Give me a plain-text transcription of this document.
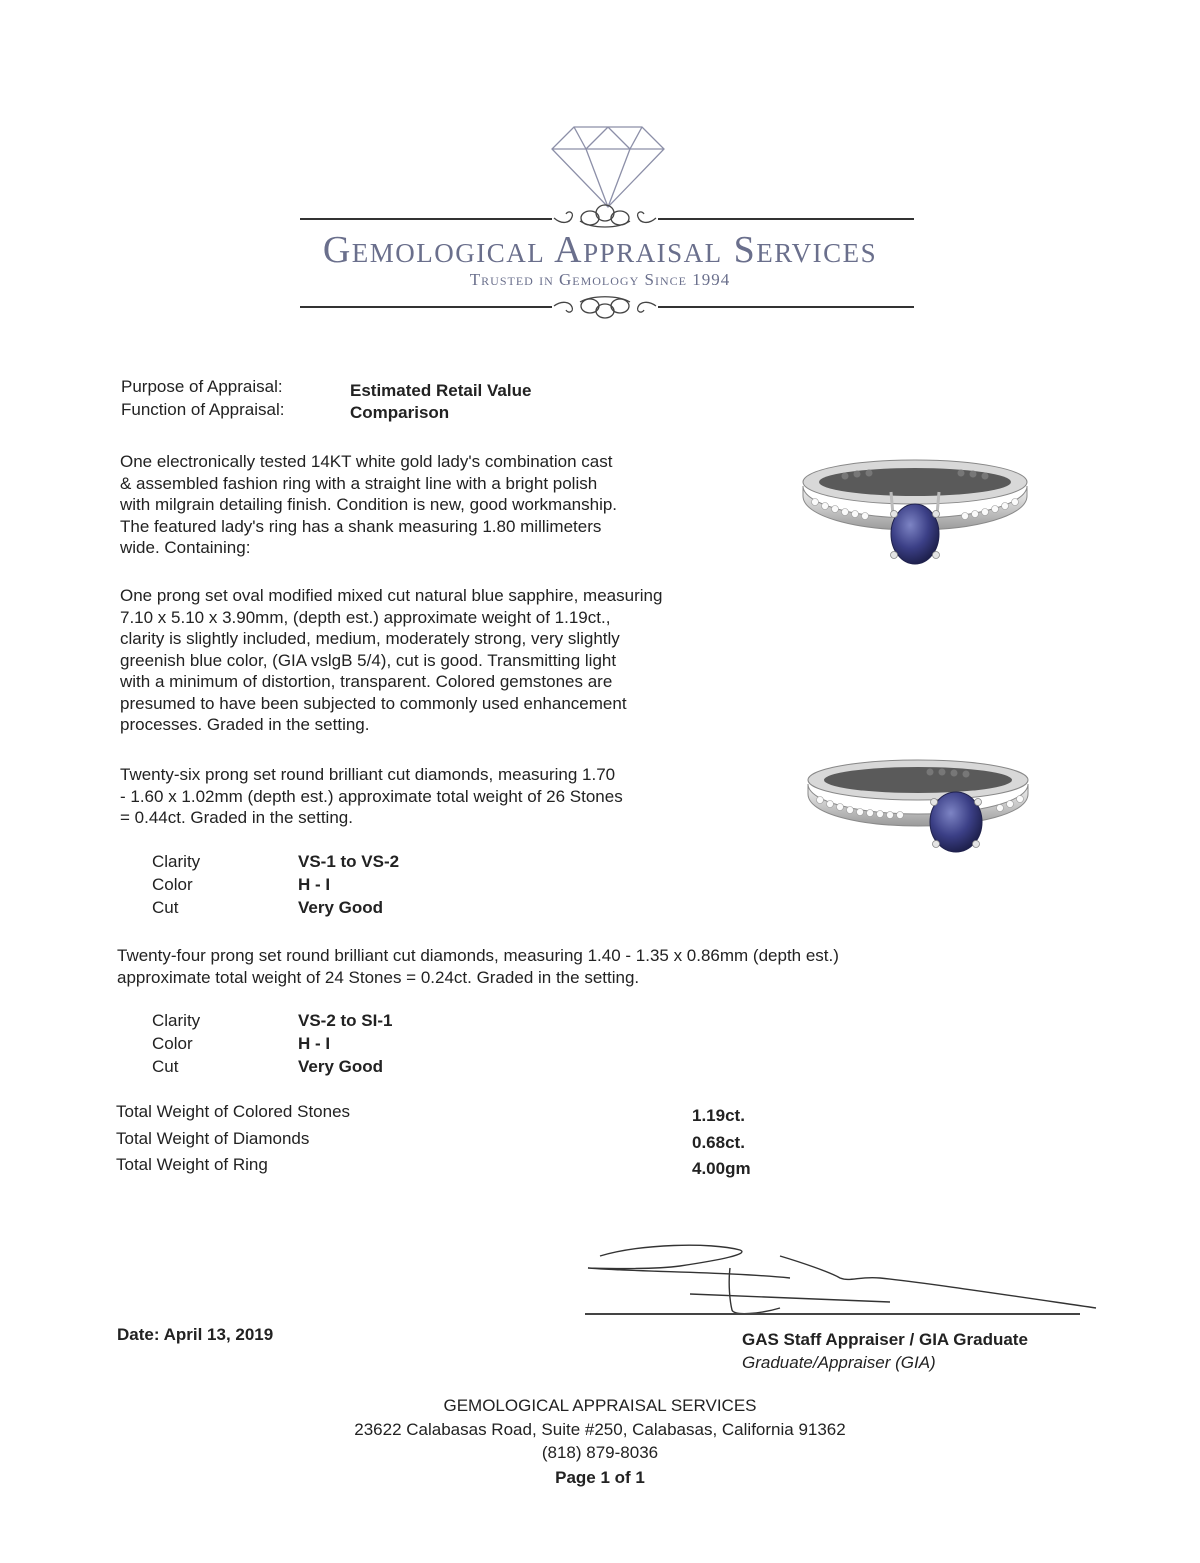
Gemological Appraisal Services
Trusted in Gemology Since 1994
Purpose of Appraisal:	Estimated Retail Value
Function of Appraisal:	Comparison
One electronically tested 14KT white gold lady's combination cast
& assembled fashion ring with a straight line with a bright polish
with milgrain detailing finish. Condition is new, good workmanship.
The featured lady's ring has a shank measuring 1.80 millimeters
wide. Containing:
One prong set oval modified mixed cut natural blue sapphire, measuring
7.10 x 5.10 x 3.90mm, (depth est.) approximate weight of 1.19ct.,
clarity is slightly included, medium, moderately strong, very slightly
greenish blue color, (GIA vslgB 5/4), cut is good. Transmitting light
with a minimum of distortion, transparent. Colored gemstones are
presumed to have been subjected to commonly used enhancement
processes. Graded in the setting.
Twenty-six prong set round brilliant cut diamonds, measuring 1.70
- 1.60 x 1.02mm (depth est.) approximate total weight of 26 Stones
= 0.44ct. Graded in the setting.
Clarity	VS-1 to VS-2
Color	H - I
Cut	Very Good
Twenty-four prong set round brilliant cut diamonds, measuring 1.40 - 1.35 x 0.86mm (depth est.)
approximate total weight of 24 Stones = 0.24ct. Graded in the setting.
Clarity	VS-2 to SI-1
Color	H - I
Cut	Very Good
Total Weight of Colored Stones	1.19ct.
Total Weight of Diamonds	0.68ct.
Total Weight of Ring	4.00gm
Date: April 13, 2019	GAS Staff Appraiser / GIA Graduate
Graduate/Appraiser (GIA)
GEMOLOGICAL APPRAISAL SERVICES
23622 Calabasas Road, Suite #250, Calabasas, California 91362
(818) 879-8036
Page 1 of 1
